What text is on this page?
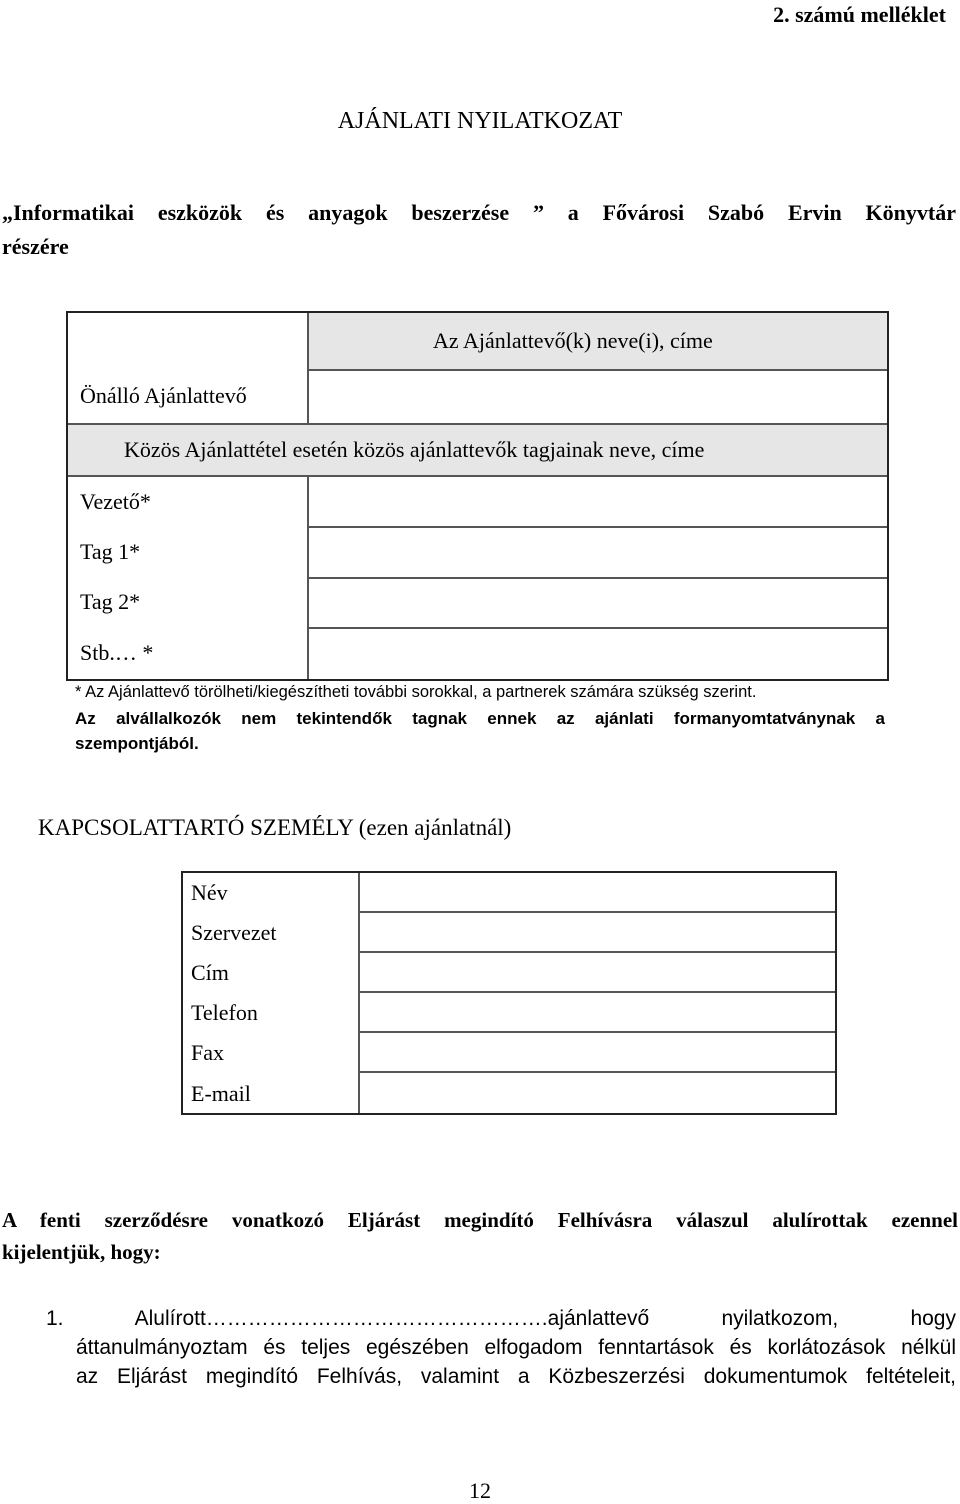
2. számú melléklet
AJÁNLATI NYILATKOZAT
„Informatikai eszközök és anyagok beszerzése ” a Fővárosi Szabó Ervin Könyvtár
részére
Az Ajánlattevő(k) neve(i), címe
Önálló Ajánlattevő
Közös Ajánlattétel esetén közös ajánlattevők tagjainak neve, címe
Vezető*
Tag 1*
Tag 2*
Stb.… *
* Az Ajánlattevő törölheti/kiegészítheti további sorokkal, a partnerek számára szükség szerint.
Az alvállalkozók nem tekintendők tagnak ennek az ajánlati formanyomtatványnak a
szempontjából.
KAPCSOLATTARTÓ SZEMÉLY (ezen ajánlatnál)
Név
Szervezet
Cím
Telefon
Fax
E-mail
A fenti szerződésre vonatkozó Eljárást megindító Felhívásra válaszul alulírottak ezennel
kijelentjük, hogy:
1. Alulírott………………………………………….ajánlattevő nyilatkozom, hogy
áttanulmányoztam és teljes egészében elfogadom fenntartások és korlátozások nélkül
az Eljárást megindító Felhívás, valamint a Közbeszerzési dokumentumok feltételeit,
12
